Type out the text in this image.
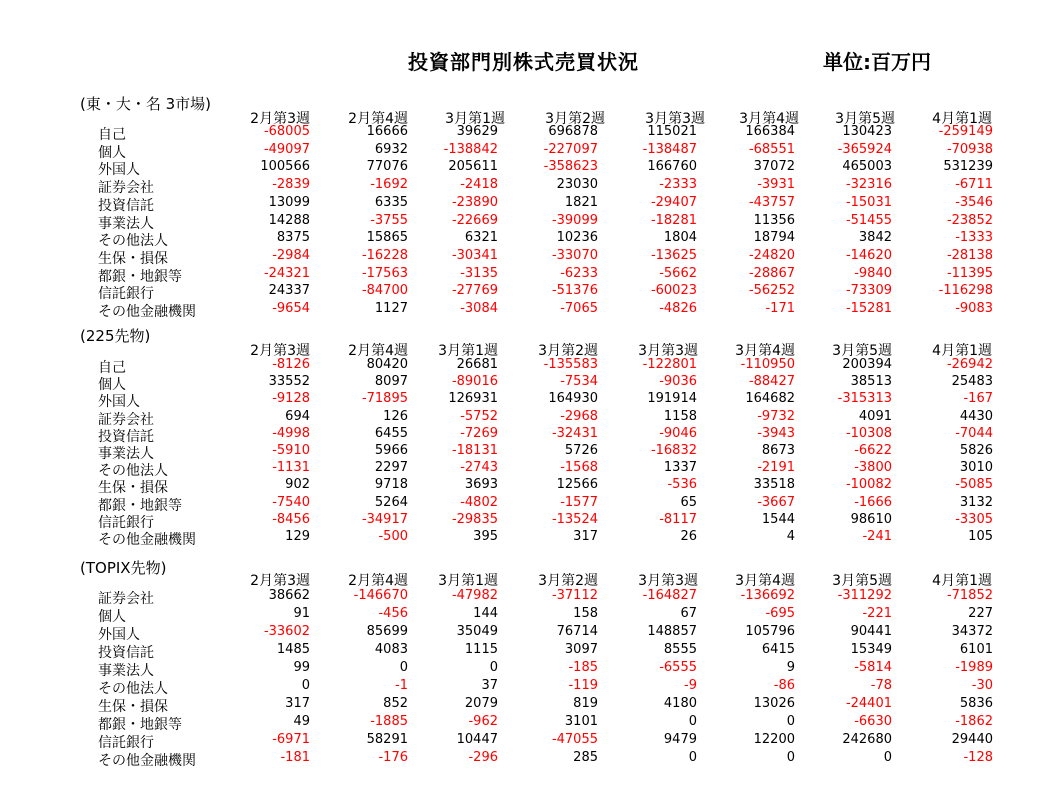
投資部門別株式売買状況	単位:百万円
(東・大・名 3市場)
2月第3週	2月第4週	3月第1週	3月第2週	3月第3週	3月第4週	3月第5週	4月第1週
自己	-68005	16666	39629	696878	115021	166384	130423	-259149
個人	-49097	6932	-138842	-227097	-138487	-68551	-365924	-70938
外国人	100566	77076	205611	-358623	166760	37072	465003	531239
証券会社	-2839	-1692	-2418	23030	-2333	-3931	-32316	-6711
投資信託	13099	6335	-23890	1821	-29407	-43757	-15031	-3546
事業法人	14288	-3755	-22669	-39099	-18281	11356	-51455	-23852
その他法人	8375	15865	6321	10236	1804	18794	3842	-1333
生保・損保	-2984	-16228	-30341	-33070	-13625	-24820	-14620	-28138
都銀・地銀等	-24321	-17563	-3135	-6233	-5662	-28867	-9840	-11395
信託銀行	24337	-84700	-27769	-51376	-60023	-56252	-73309	-116298
その他金融機関	-9654	1127	-3084	-7065	-4826	-171	-15281	-9083
(225先物)
2月第3週	2月第4週	3月第1週	3月第2週	3月第3週	3月第4週	3月第5週	4月第1週
自己	-8126	80420	26681	-135583	-122801	-110950	200394	-26942
個人	33552	8097	-89016	-7534	-9036	-88427	38513	25483
外国人	-9128	-71895	126931	164930	191914	164682	-315313	-167
証券会社	694	126	-5752	-2968	1158	-9732	4091	4430
投資信託	-4998	6455	-7269	-32431	-9046	-3943	-10308	-7044
事業法人	-5910	5966	-18131	5726	-16832	8673	-6622	5826
その他法人	-1131	2297	-2743	-1568	1337	-2191	-3800	3010
生保・損保	902	9718	3693	12566	-536	33518	-10082	-5085
都銀・地銀等	-7540	5264	-4802	-1577	65	-3667	-1666	3132
信託銀行	-8456	-34917	-29835	-13524	-8117	1544	98610	-3305
その他金融機関	129	-500	395	317	26	4	-241	105
(TOPIX先物)
2月第3週	2月第4週	3月第1週	3月第2週	3月第3週	3月第4週	3月第5週	4月第1週
証券会社	38662	-146670	-47982	-37112	-164827	-136692	-311292	-71852
個人	91	-456	144	158	67	-695	-221	227
外国人	-33602	85699	35049	76714	148857	105796	90441	34372
投資信託	1485	4083	1115	3097	8555	6415	15349	6101
事業法人	99	0	0	-185	-6555	9	-5814	-1989
その他法人	0	-1	37	-119	-9	-86	-78	-30
生保・損保	317	852	2079	819	4180	13026	-24401	5836
都銀・地銀等	49	-1885	-962	3101	0	0	-6630	-1862
信託銀行	-6971	58291	10447	-47055	9479	12200	242680	29440
その他金融機関	-181	-176	-296	285	0	0	0	-128
